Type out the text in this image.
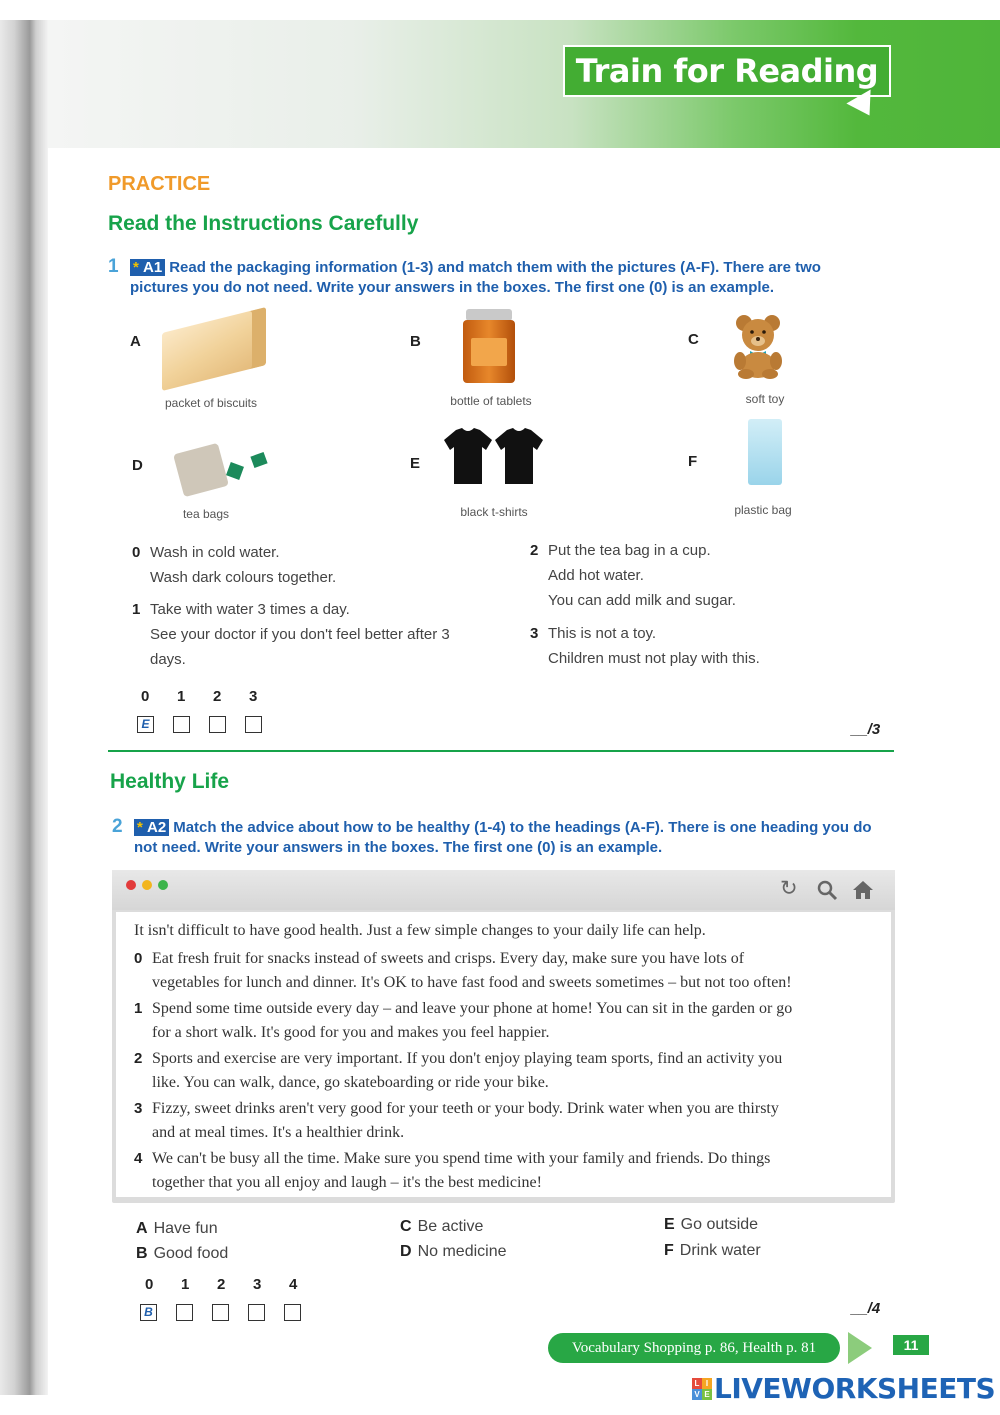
Train for Reading
PRACTICE
Read the Instructions Carefully
1 * A1 Read the packaging information (1-3) and match them with the pictures (A-F). There are two pictures you do not need. Write your answers in the boxes. The first one (0) is an example.
A
packet of biscuits
B
bottle of tablets
C
soft toy
D
tea bags
E
black t-shirts
F
plastic bag
0 Wash in cold water.
Wash dark colours together.
1 Take with water 3 times a day.
See your doctor if you don't feel better after 3
days.
2 Put the tea bag in a cup.
Add hot water.
You can add milk and sugar.
3 This is not a toy.
Children must not play with this.
0 1 2 3
E	__/3
Healthy Life
2 * A2 Match the advice about how to be healthy (1-4) to the headings (A-F). There is one heading you do not need. Write your answers in the boxes. The first one (0) is an example.
↻
It isn't difficult to have good health. Just a few simple changes to your daily life can help.
0 Eat fresh fruit for snacks instead of sweets and crisps. Every day, make sure you have lots of
vegetables for lunch and dinner. It's OK to have fast food and sweets sometimes – but not too often!
1 Spend some time outside every day – and leave your phone at home! You can sit in the garden or go
for a short walk. It's good for you and makes you feel happier.
2 Sports and exercise are very important. If you don't enjoy playing team sports, find an activity you
like. You can walk, dance, go skateboarding or ride your bike.
3 Fizzy, sweet drinks aren't very good for your teeth or your body. Drink water when you are thirsty
and at meal times. It's a healthier drink.
4 We can't be busy all the time. Make sure you spend time with your family and friends. Do things
together that you all enjoy and laugh – it's the best medicine!
A Have fun
B Good food
C Be active
D No medicine
E Go outside
F Drink water
0 1 2 3 4
B	__/4
Vocabulary Shopping p. 86, Health p. 81	11
L I
V E LIVEWORKSHEETS
